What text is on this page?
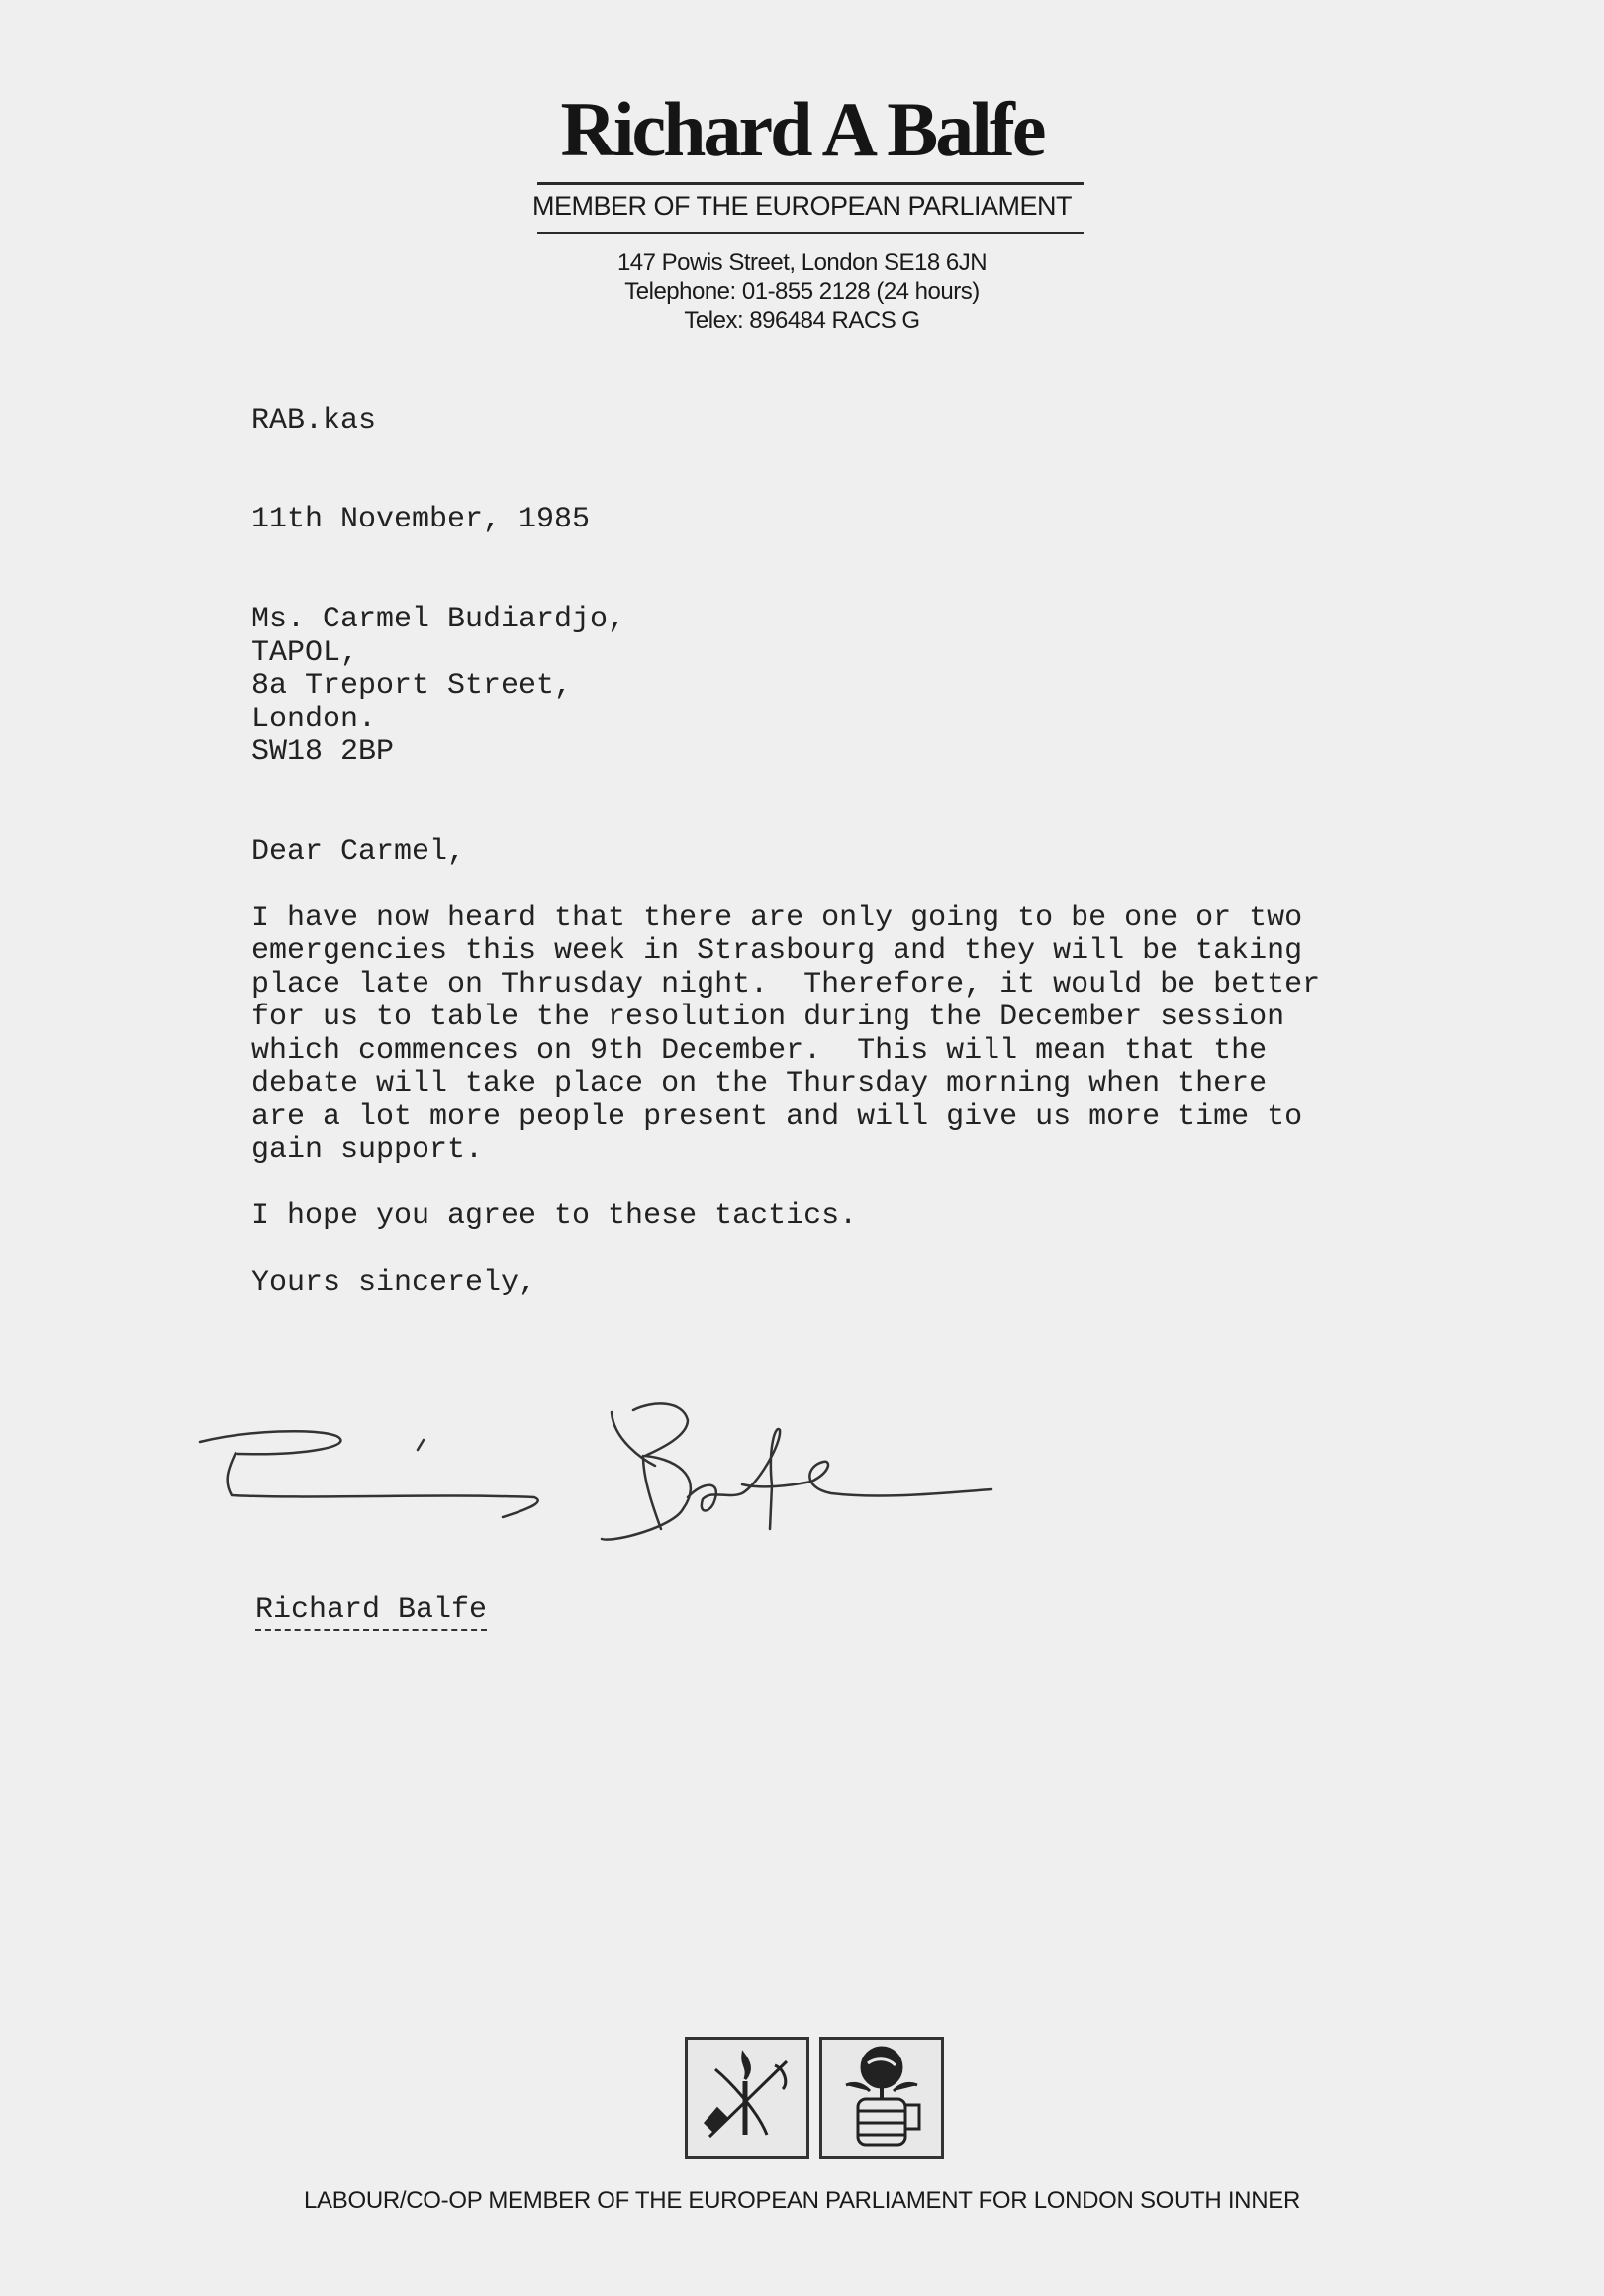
Richard A Balfe
MEMBER OF THE EUROPEAN PARLIAMENT
147 Powis Street, London SE18 6JN
Telephone: 01-855 2128 (24 hours)
Telex: 896484 RACS G
RAB.kas
11th November, 1985
Ms. Carmel Budiardjo,
TAPOL,
8a Treport Street,
London.
SW18 2BP
Dear Carmel,
I have now heard that there are only going to be one or two
emergencies this week in Strasbourg and they will be taking
place late on Thrusday night.  Therefore, it would be better
for us to table the resolution during the December session
which commences on 9th December.  This will mean that the
debate will take place on the Thursday morning when there
are a lot more people present and will give us more time to
gain support.
I hope you agree to these tactics.
Yours sincerely,
Richard Balfe
LABOUR/CO-OP MEMBER OF THE EUROPEAN PARLIAMENT FOR LONDON SOUTH INNER
